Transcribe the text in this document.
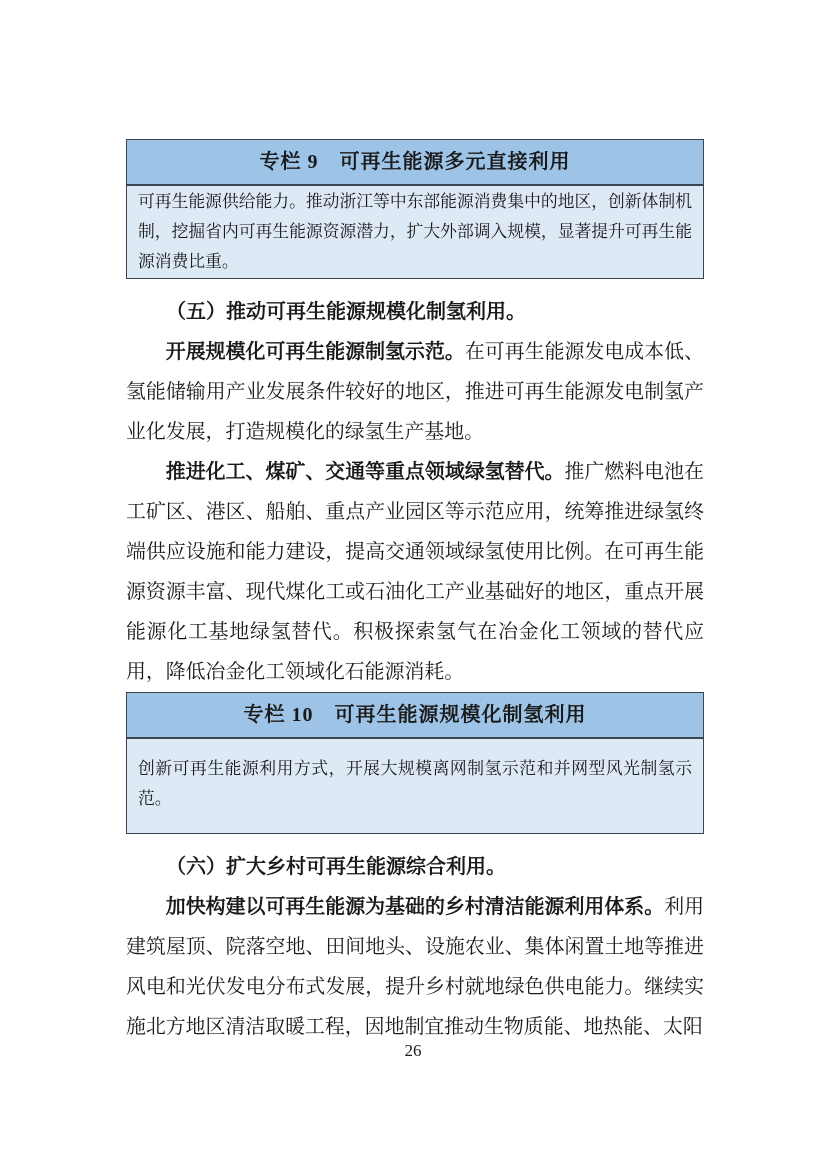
专栏 9　可再生能源多元直接利用
可再生能源供给能力。推动浙江等中东部能源消费集中的地区，创新体制机制，挖掘省内可再生能源资源潜力，扩大外部调入规模，显著提升可再生能源消费比重。
（五）推动可再生能源规模化制氢利用。

开展规模化可再生能源制氢示范。在可再生能源发电成本低、氢能储输用产业发展条件较好的地区，推进可再生能源发电制氢产业化发展，打造规模化的绿氢生产基地。

推进化工、煤矿、交通等重点领域绿氢替代。推广燃料电池在工矿区、港区、船舶、重点产业园区等示范应用，统筹推进绿氢终端供应设施和能力建设，提高交通领域绿氢使用比例。在可再生能源资源丰富、现代煤化工或石油化工产业基础好的地区，重点开展能源化工基地绿氢替代。积极探索氢气在冶金化工领域的替代应用，降低冶金化工领域化石能源消耗。

专栏 10　可再生能源规模化制氢利用
创新可再生能源利用方式，开展大规模离网制氢示范和并网型风光制氢示范。
（六）扩大乡村可再生能源综合利用。

加快构建以可再生能源为基础的乡村清洁能源利用体系。利用建筑屋顶、院落空地、田间地头、设施农业、集体闲置土地等推进风电和光伏发电分布式发展，提升乡村就地绿色供电能力。继续实施北方地区清洁取暖工程，因地制宜推动生物质能、地热能、太阳

26
